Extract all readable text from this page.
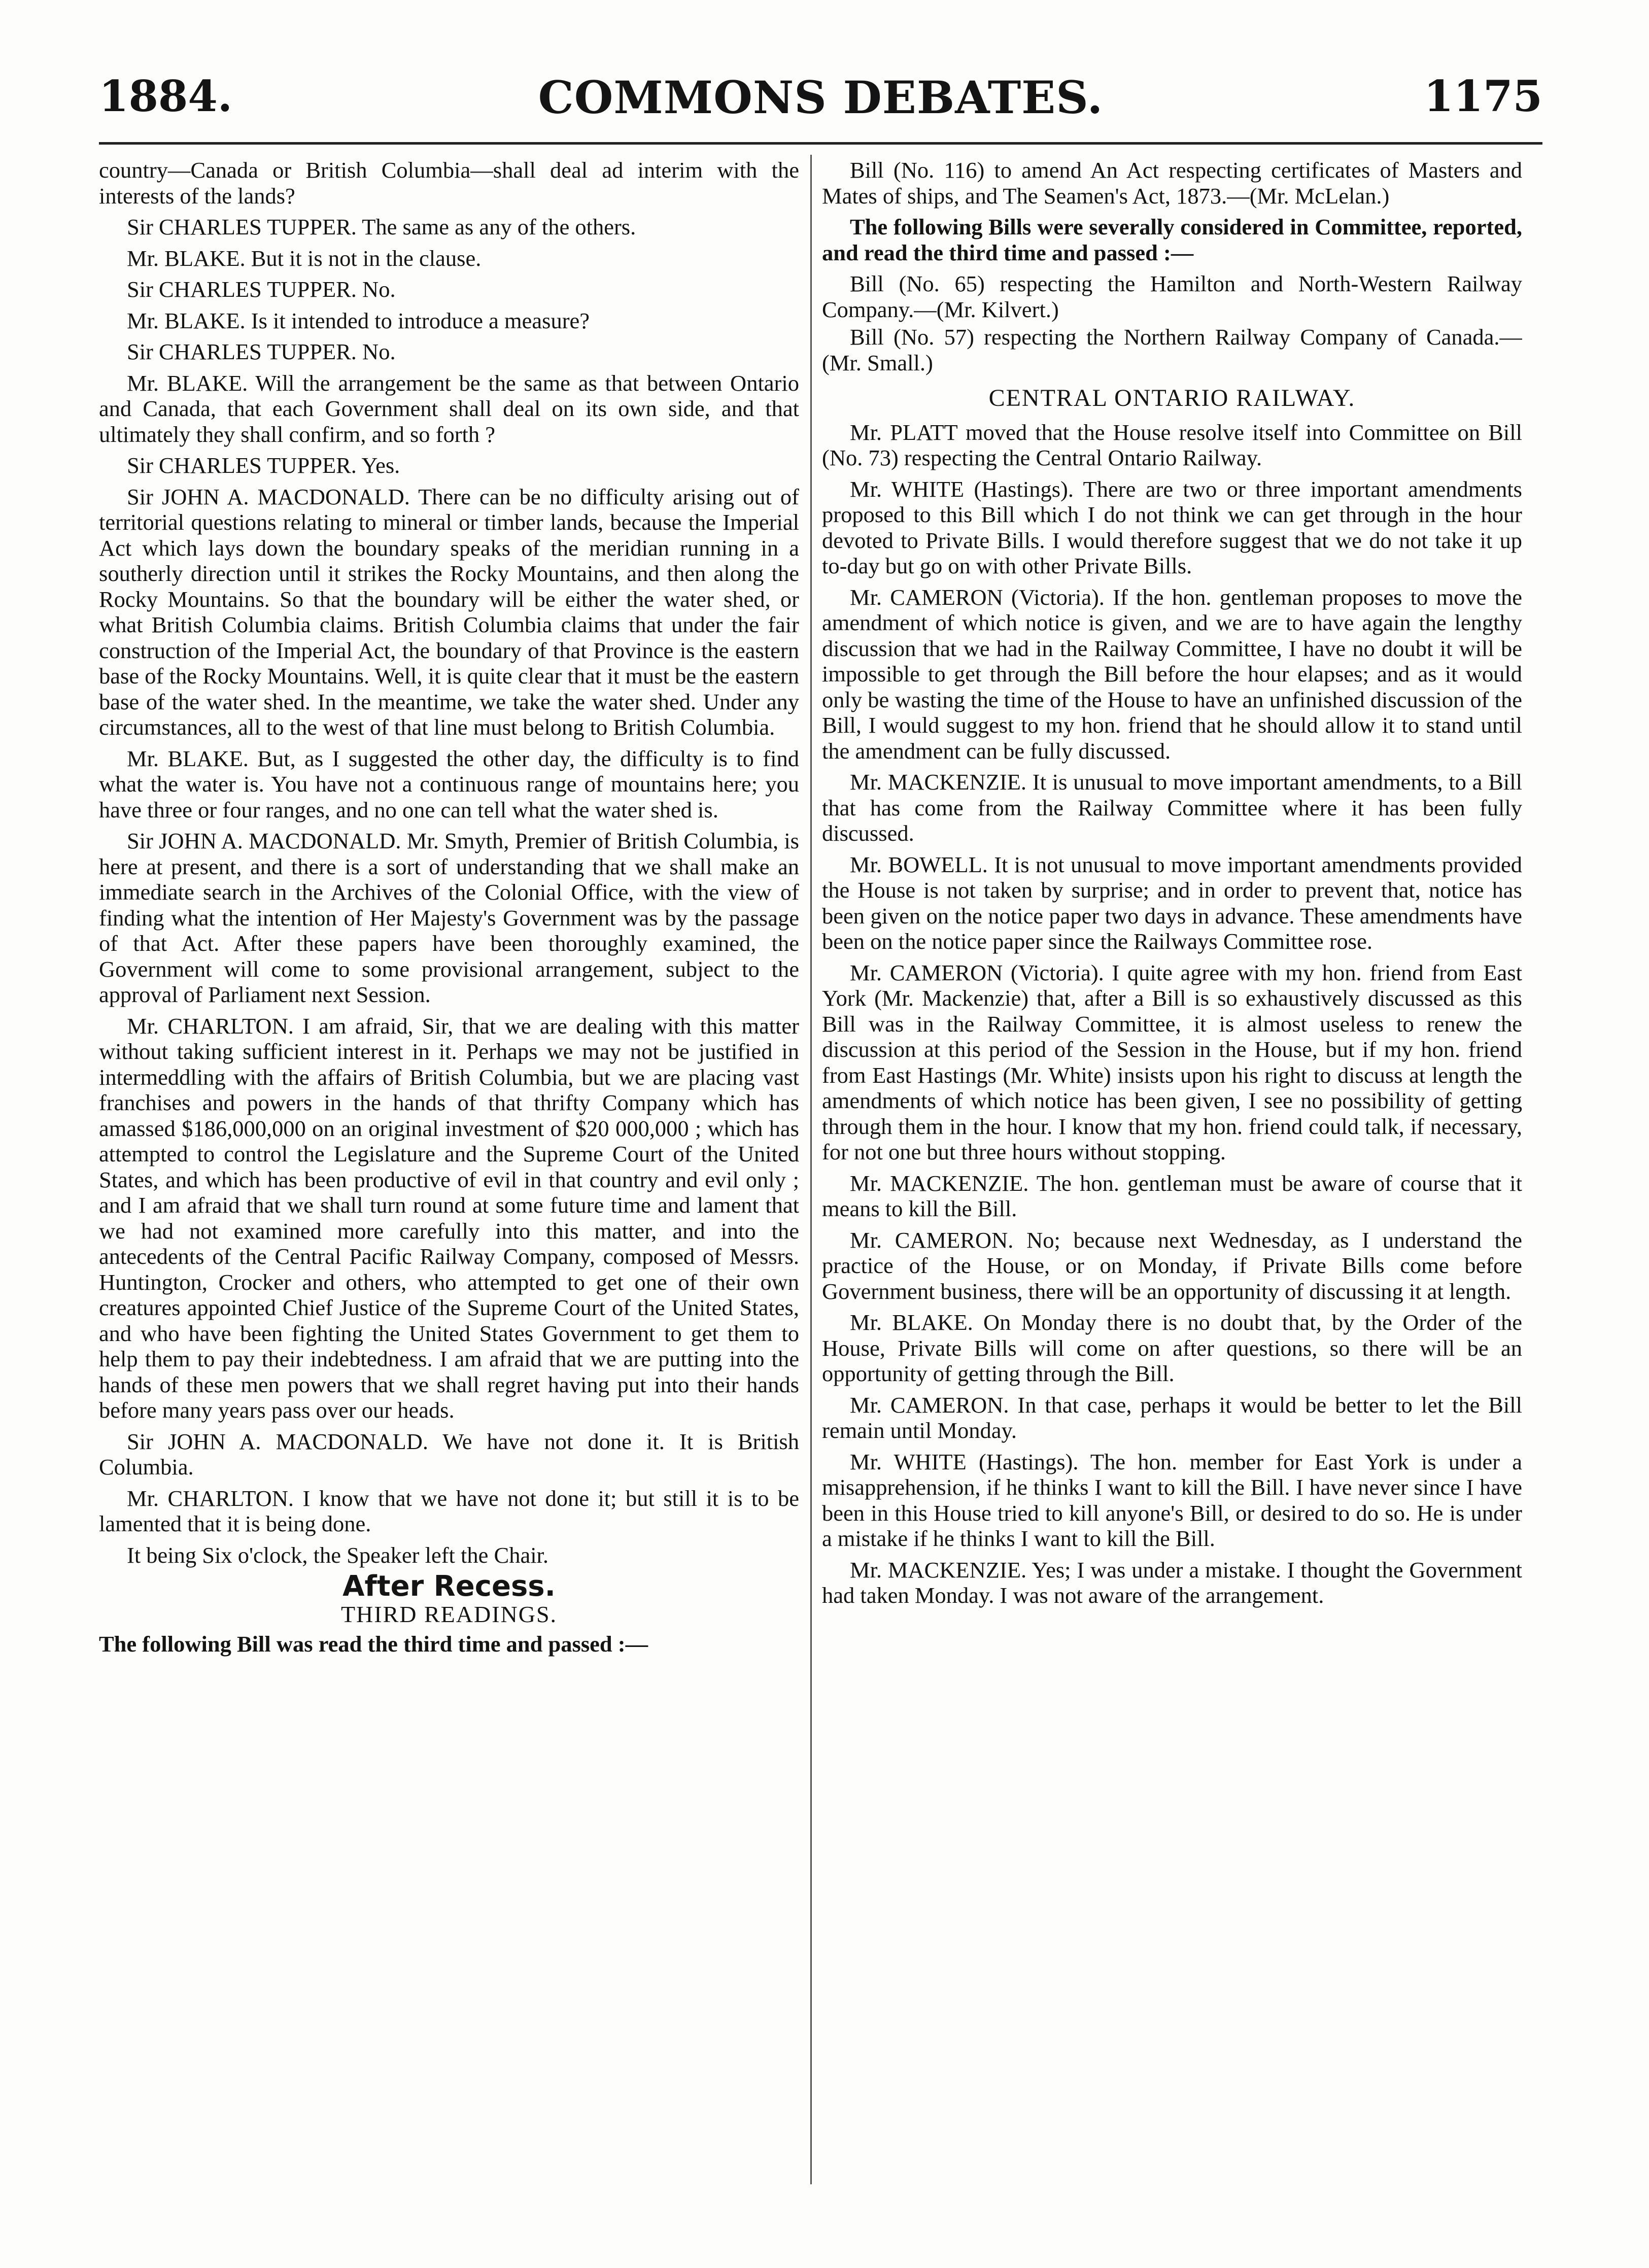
COMMONS DEBATES.
1884.	1175

country—Canada or British Columbia—shall deal ad interim with the interests of the lands?

Sir CHARLES TUPPER. The same as any of the others.

Mr. BLAKE. But it is not in the clause.

Sir CHARLES TUPPER. No.

Mr. BLAKE. Is it intended to introduce a measure?

Sir CHARLES TUPPER. No.

Mr. BLAKE. Will the arrangement be the same as that between Ontario and Canada, that each Government shall deal on its own side, and that ultimately they shall confirm, and so forth ?

Sir CHARLES TUPPER. Yes.

Sir JOHN A. MACDONALD. There can be no difficulty arising out of territorial questions relating to mineral or timber lands, because the Imperial Act which lays down the boundary speaks of the meridian running in a southerly direction until it strikes the Rocky Mountains, and then along the Rocky Mountains. So that the boundary will be either the water shed, or what British Columbia claims. British Columbia claims that under the fair construction of the Imperial Act, the boundary of that Province is the eastern base of the Rocky Mountains. Well, it is quite clear that it must be the eastern base of the water shed. In the meantime, we take the water shed. Under any circumstances, all to the west of that line must belong to British Columbia.

Mr. BLAKE. But, as I suggested the other day, the difficulty is to find what the water is. You have not a continuous range of mountains here; you have three or four ranges, and no one can tell what the water shed is.

Sir JOHN A. MACDONALD. Mr. Smyth, Premier of British Columbia, is here at present, and there is a sort of understanding that we shall make an immediate search in the Archives of the Colonial Office, with the view of finding what the intention of Her Majesty's Government was by the passage of that Act. After these papers have been thoroughly examined, the Government will come to some provisional arrangement, subject to the approval of Parliament next Session.

Mr. CHARLTON. I am afraid, Sir, that we are dealing with this matter without taking sufficient interest in it. Perhaps we may not be justified in intermeddling with the affairs of British Columbia, but we are placing vast franchises and powers in the hands of that thrifty Company which has amassed $186,000,000 on an original investment of $20 000,000 ; which has attempted to control the Legislature and the Supreme Court of the United States, and which has been productive of evil in that country and evil only ; and I am afraid that we shall turn round at some future time and lament that we had not examined more carefully into this matter, and into the antecedents of the Central Pacific Railway Company, composed of Messrs. Huntington, Crocker and others, who attempted to get one of their own creatures appointed Chief Justice of the Supreme Court of the United States, and who have been fighting the United States Government to get them to help them to pay their indebtedness. I am afraid that we are putting into the hands of these men powers that we shall regret having put into their hands before many years pass over our heads.

Sir JOHN A. MACDONALD. We have not done it. It is British Columbia.

Mr. CHARLTON. I know that we have not done it; but still it is to be lamented that it is being done.

It being Six o'clock, the Speaker left the Chair.

After Recess.
THIRD READINGS.

The following Bill was read the third time and passed :—

Bill (No. 116) to amend An Act respecting certificates of Masters and Mates of ships, and The Seamen's Act, 1873.—(Mr. McLelan.)

The following Bills were severally considered in Committee, reported, and read the third time and passed :—

Bill (No. 65) respecting the Hamilton and North-Western Railway Company.—(Mr. Kilvert.)

Bill (No. 57) respecting the Northern Railway Company of Canada.—(Mr. Small.)

CENTRAL ONTARIO RAILWAY.

Mr. PLATT moved that the House resolve itself into Committee on Bill (No. 73) respecting the Central Ontario Railway.

Mr. WHITE (Hastings). There are two or three important amendments proposed to this Bill which I do not think we can get through in the hour devoted to Private Bills. I would therefore suggest that we do not take it up to-day but go on with other Private Bills.

Mr. CAMERON (Victoria). If the hon. gentleman proposes to move the amendment of which notice is given, and we are to have again the lengthy discussion that we had in the Railway Committee, I have no doubt it will be impossible to get through the Bill before the hour elapses; and as it would only be wasting the time of the House to have an unfinished discussion of the Bill, I would suggest to my hon. friend that he should allow it to stand until the amendment can be fully discussed.

Mr. MACKENZIE. It is unusual to move important amendments, to a Bill that has come from the Railway Committee where it has been fully discussed.

Mr. BOWELL. It is not unusual to move important amendments provided the House is not taken by surprise; and in order to prevent that, notice has been given on the notice paper two days in advance. These amendments have been on the notice paper since the Railways Committee rose.

Mr. CAMERON (Victoria). I quite agree with my hon. friend from East York (Mr. Mackenzie) that, after a Bill is so exhaustively discussed as this Bill was in the Railway Committee, it is almost useless to renew the discussion at this period of the Session in the House, but if my hon. friend from East Hastings (Mr. White) insists upon his right to discuss at length the amendments of which notice has been given, I see no possibility of getting through them in the hour. I know that my hon. friend could talk, if necessary, for not one but three hours without stopping.

Mr. MACKENZIE. The hon. gentleman must be aware of course that it means to kill the Bill.

Mr. CAMERON. No; because next Wednesday, as I understand the practice of the House, or on Monday, if Private Bills come before Government business, there will be an opportunity of discussing it at length.

Mr. BLAKE. On Monday there is no doubt that, by the Order of the House, Private Bills will come on after questions, so there will be an opportunity of getting through the Bill.

Mr. CAMERON. In that case, perhaps it would be better to let the Bill remain until Monday.

Mr. WHITE (Hastings). The hon. member for East York is under a misapprehension, if he thinks I want to kill the Bill. I have never since I have been in this House tried to kill anyone's Bill, or desired to do so. He is under a mistake if he thinks I want to kill the Bill.

Mr. MACKENZIE. Yes; I was under a mistake. I thought the Government had taken Monday. I was not aware of the arrangement.
